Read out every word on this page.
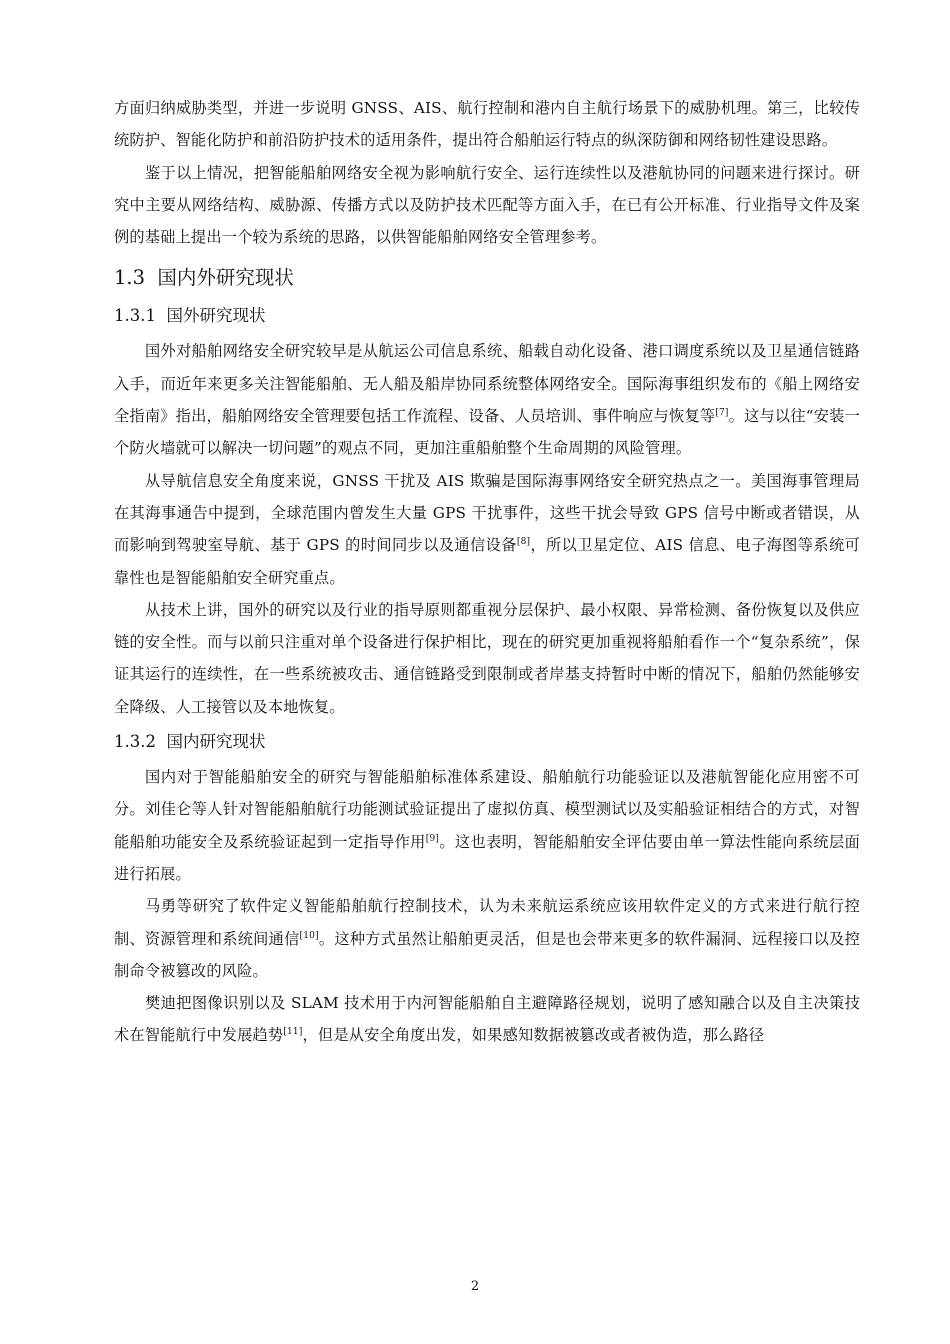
方面归纳威胁类型，并进一步说明 GNSS、AIS、航行控制和港内自主航行场景下的威胁机理。第三，比较传统防护、智能化防护和前沿防护技术的适用条件，提出符合船舶运行特点的纵深防御和网络韧性建设思路。

鉴于以上情况，把智能船舶网络安全视为影响航行安全、运行连续性以及港航协同的问题来进行探讨。研究中主要从网络结构、威胁源、传播方式以及防护技术匹配等方面入手，在已有公开标准、行业指导文件及案例的基础上提出一个较为系统的思路，以供智能船舶网络安全管理参考。

1.3 国内外研究现状
1.3.1 国外研究现状

国外对船舶网络安全研究较早是从航运公司信息系统、船载自动化设备、港口调度系统以及卫星通信链路入手，而近年来更多关注智能船舶、无人船及船岸协同系统整体网络安全。国际海事组织发布的《船上网络安全指南》指出，船舶网络安全管理要包括工作流程、设备、人员培训、事件响应与恢复等[7]。这与以往“安装一个防火墙就可以解决一切问题”的观点不同，更加注重船舶整个生命周期的风险管理。

从导航信息安全角度来说，GNSS 干扰及 AIS 欺骗是国际海事网络安全研究热点之一。美国海事管理局在其海事通告中提到，全球范围内曾发生大量 GPS 干扰事件，这些干扰会导致 GPS 信号中断或者错误，从而影响到驾驶室导航、基于 GPS 的时间同步以及通信设备[8]，所以卫星定位、AIS 信息、电子海图等系统可靠性也是智能船舶安全研究重点。

从技术上讲，国外的研究以及行业的指导原则都重视分层保护、最小权限、异常检测、备份恢复以及供应链的安全性。而与以前只注重对单个设备进行保护相比，现在的研究更加重视将船舶看作一个“复杂系统”，保证其运行的连续性，在一些系统被攻击、通信链路受到限制或者岸基支持暂时中断的情况下，船舶仍然能够安全降级、人工接管以及本地恢复。

1.3.2 国内研究现状

国内对于智能船舶安全的研究与智能船舶标准体系建设、船舶航行功能验证以及港航智能化应用密不可分。刘佳仑等人针对智能船舶航行功能测试验证提出了虚拟仿真、模型测试以及实船验证相结合的方式，对智能船舶功能安全及系统验证起到一定指导作用[9]。这也表明，智能船舶安全评估要由单一算法性能向系统层面进行拓展。

马勇等研究了软件定义智能船舶航行控制技术，认为未来航运系统应该用软件定义的方式来进行航行控制、资源管理和系统间通信[10]。这种方式虽然让船舶更灵活，但是也会带来更多的软件漏洞、远程接口以及控制命令被篡改的风险。

樊迪把图像识别以及 SLAM 技术用于内河智能船舶自主避障路径规划，说明了感知融合以及自主决策技术在智能航行中发展趋势[11]，但是从安全角度出发，如果感知数据被篡改或者被伪造，那么路径

2
